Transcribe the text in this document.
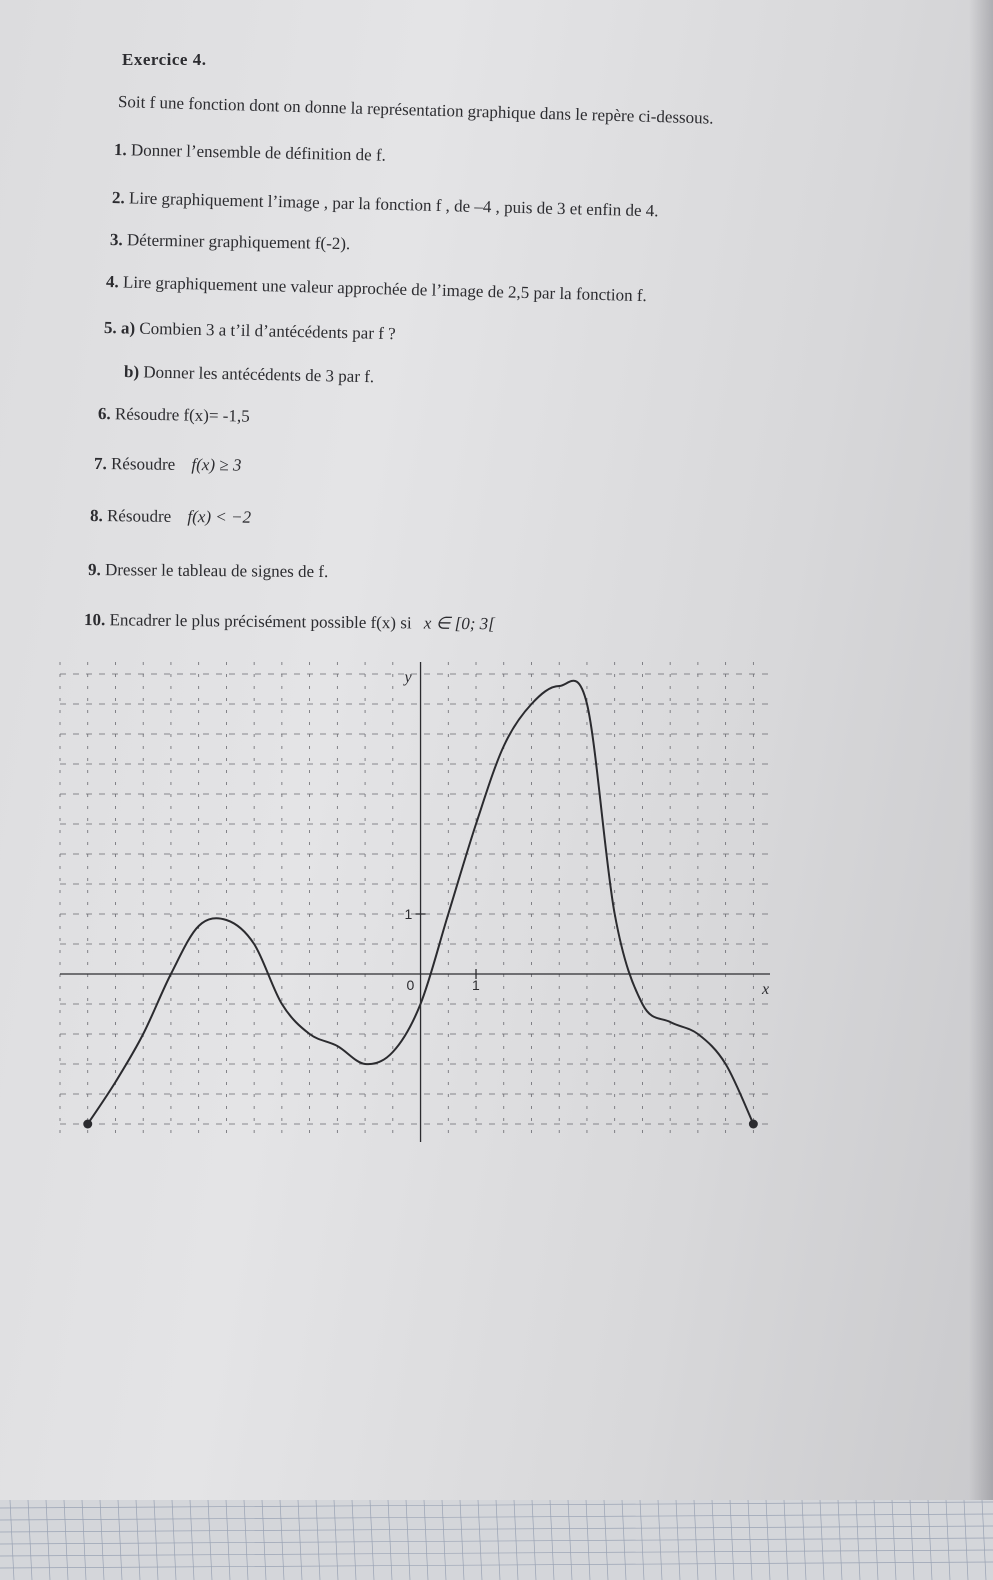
Exercice 4.
Soit f une fonction dont on donne la représentation graphique dans le repère ci-dessous.
1. Donner l’ensemble de définition de f.
2. Lire graphiquement l’image , par la fonction f , de –4 , puis de 3 et enfin de 4.
3. Déterminer graphiquement f(-2).
4. Lire graphiquement une valeur approchée de l’image de 2,5 par la fonction f.
5. a) Combien 3 a t’il d’antécédents par f ?
b) Donner les antécédents de 3 par f.
6. Résoudre f(x)= -1,5
7. Résoudre f(x) ≥ 3
8. Résoudre f(x) < −2
9. Dresser le tableau de signes de f.
10. Encadrer le plus précisément possible f(x) si x ∈ [0; 3[
y
x
0	1
1
